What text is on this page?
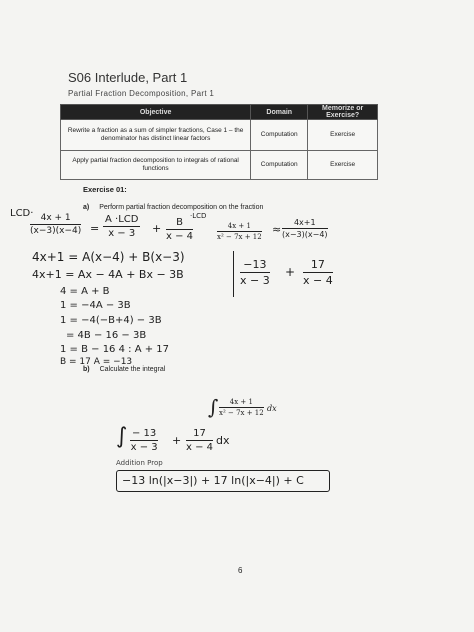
S06 Interlude, Part 1
Partial Fraction Decomposition, Part 1
Objective	Domain	Memorize or Exercise?
Rewrite a fraction as a sum of simpler fractions, Case 1 – the denominator has distinct linear factors	Computation	Exercise
Apply partial fraction decomposition to integrals of rational functions	Computation	Exercise
Exercise 01:
a) Perform partial fraction decomposition on the fraction
$\frac{4x + 1}{\text{x² − 7x + 12}}$
LCD·
$\frac{4x + 1}{(x-3)(x-4)}$ =
A ·LCD
x − 3	+ $\frac{B}{x - 4}$
·LCD
≈ $\frac{4x+1}{(x-3)(x-4)}$
4x+1 = A(x−4) + B(x−3)
4x+1 = Ax − 4A + Bx − 3B	$\frac{-13}{x - 3} + \frac{17}{x - 4}$
4 = A + B
1 = −4A − 3B
1 = −4(−B+4) − 3B
= 4B − 16 − 3B
1 = B − 16 4 : A + 17
B = 17 A = −13
b) Calculate the integral
∫ $\frac{4x + 1}{\text{x² − 7x + 12}}$ dx
∫ $\frac{- 13}{x - 3} + \frac{17}{x - 4}$ dx
Addition Prop
−13 ln(|x−3|) + 17 ln(|x−4|) + C
6
